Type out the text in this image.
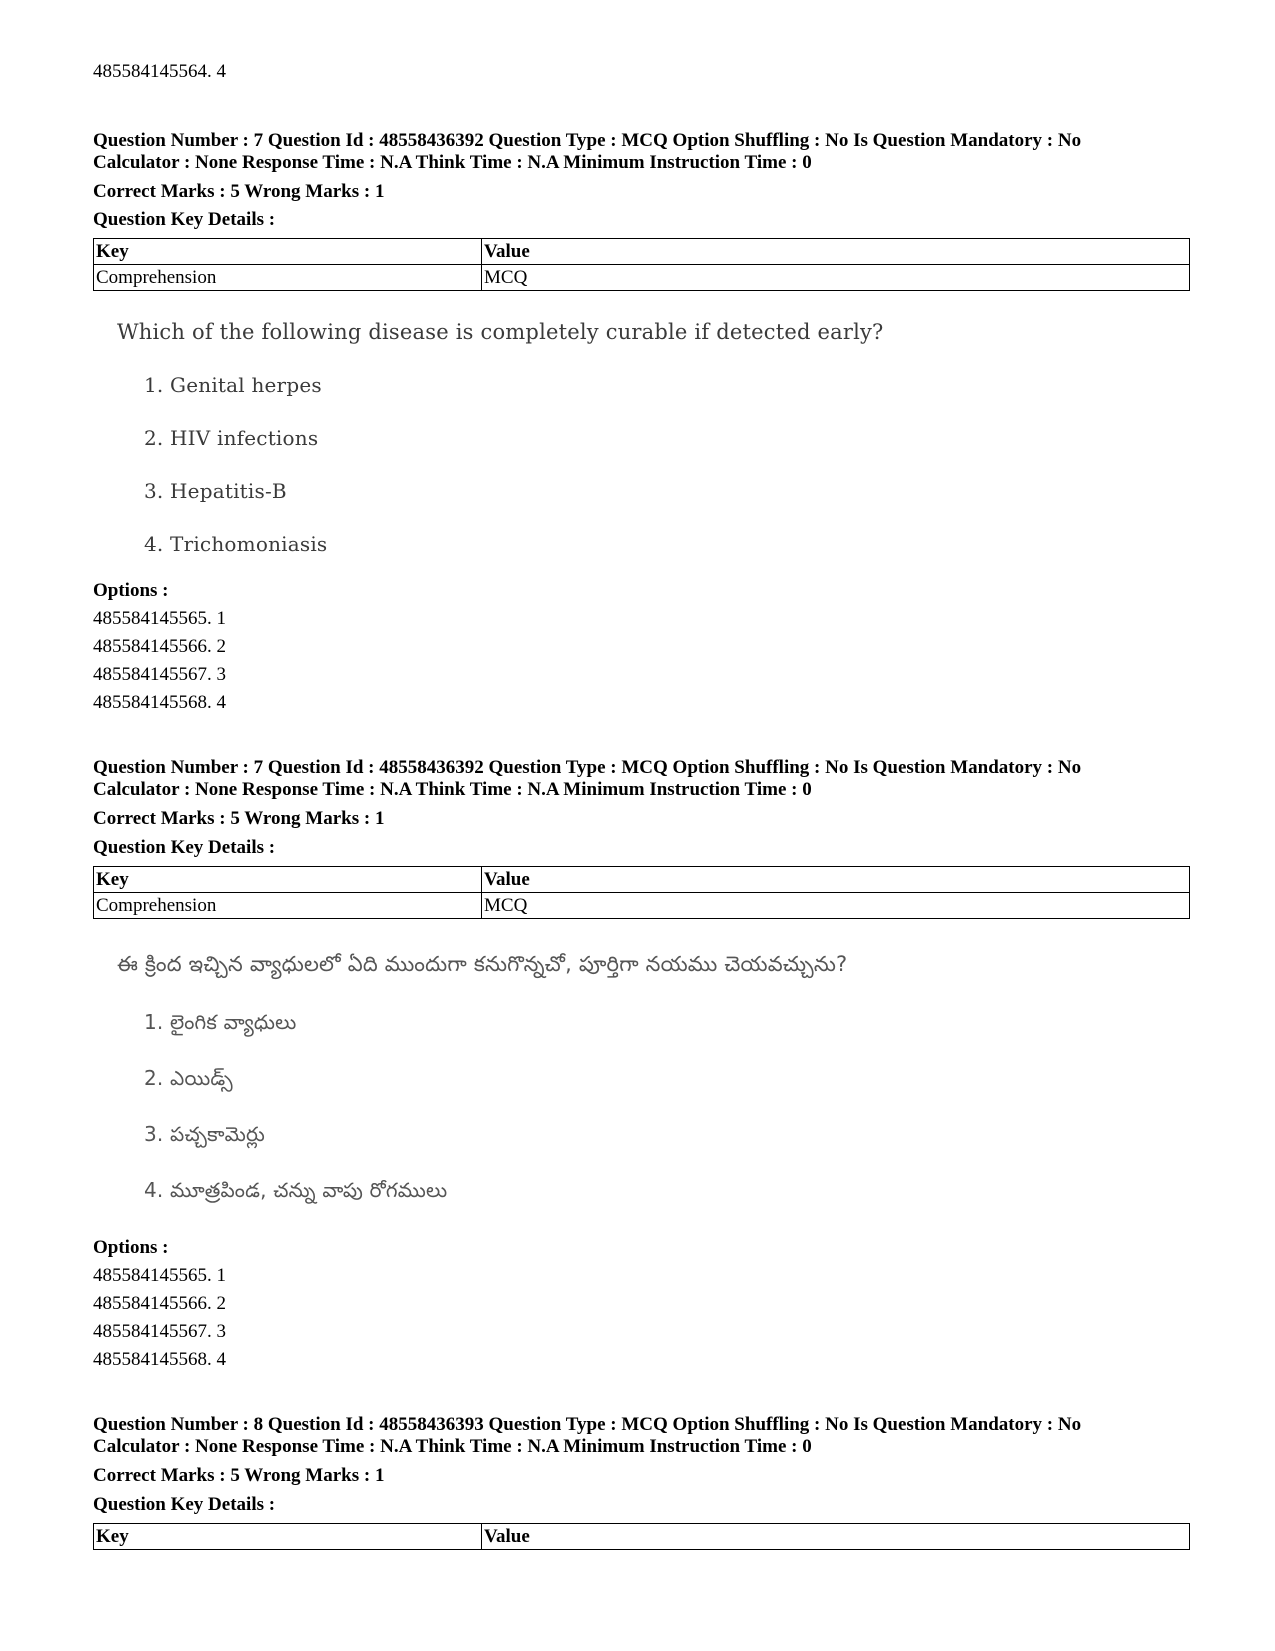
485584145564. 4
Question Number : 7 Question Id : 48558436392 Question Type : MCQ Option Shuffling : No Is Question Mandatory : No
Calculator : None Response Time : N.A Think Time : N.A Minimum Instruction Time : 0
Correct Marks : 5 Wrong Marks : 1
Question Key Details :
Key	Value
Comprehension	MCQ
Which of the following disease is completely curable if detected early?
1. Genital herpes
2. HIV infections
3. Hepatitis-B
4. Trichomoniasis
Options :
485584145565. 1
485584145566. 2
485584145567. 3
485584145568. 4
Question Number : 7 Question Id : 48558436392 Question Type : MCQ Option Shuffling : No Is Question Mandatory : No
Calculator : None Response Time : N.A Think Time : N.A Minimum Instruction Time : 0
Correct Marks : 5 Wrong Marks : 1
Question Key Details :
Key	Value
Comprehension	MCQ
ఈ క్రింద ఇచ్చిన వ్యాధులలో ఏది ముందుగా కనుగొన్నచో, పూర్తిగా నయము చెయవచ్చును?
1. లైంగిక వ్యాధులు
2. ఎయిడ్స్
3. పచ్చకామెర్లు
4. మూత్రపిండ, చన్ను వాపు రోగములు
Options :
485584145565. 1
485584145566. 2
485584145567. 3
485584145568. 4
Question Number : 8 Question Id : 48558436393 Question Type : MCQ Option Shuffling : No Is Question Mandatory : No
Calculator : None Response Time : N.A Think Time : N.A Minimum Instruction Time : 0
Correct Marks : 5 Wrong Marks : 1
Question Key Details :
Key	Value
